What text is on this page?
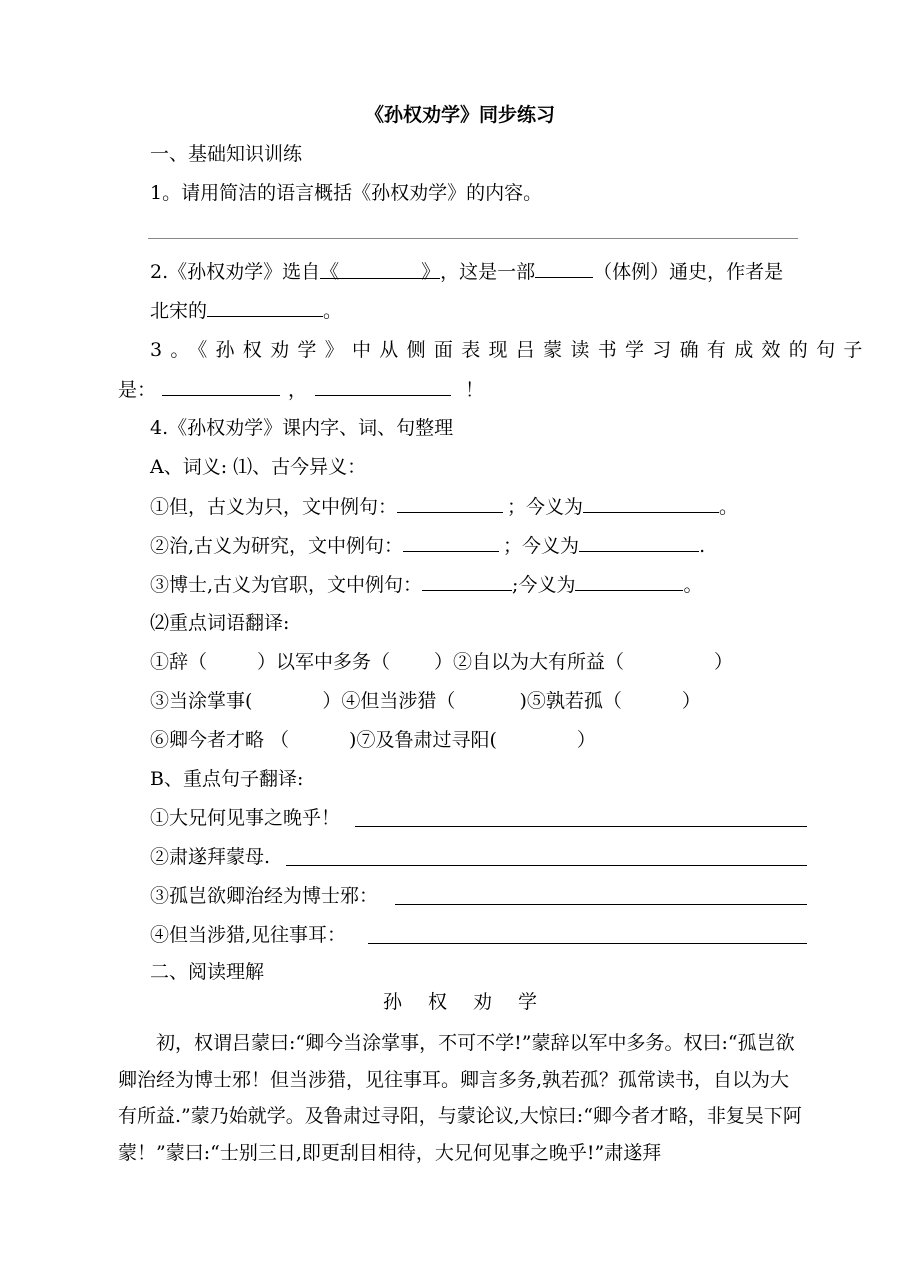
《孙权劝学》同步练习
一、基础知识训练
1。请用简洁的语言概括《孙权劝学》的内容。
2.《孙权劝学》选自《	》，这是一部	（体例）通史，作者是
北宋的	。
3。《孙权劝学》中从侧面表现吕蒙读书学习确有成效的句子
是：	，	！
4.《孙权劝学》课内字、词、句整理
A、词义: ⑴、古今异义：
①但，古义为只，文中例句：	；今义为	。
②治,古义为研究，文中例句：	；今义为	.
③博士,古义为官职，文中例句：	;今义为	。
⑵重点词语翻译:
①辞（	）以军中多务（ ）②自以为大有所益（	）
③当涂掌事(	）④但当涉猎（	)⑤孰若孤（	）
⑥卿今者才略 （	)⑦及鲁肃过寻阳(	）
B、重点句子翻译:
①大兄何见事之晚乎！
②肃遂拜蒙母.
③孤岂欲卿治经为博士邪：
④但当涉猎,见往事耳：
二、阅读理解
孙 权 劝 学
初，权谓吕蒙曰:“卿今当涂掌事，不可不学!”蒙辞以军中多务。权曰:“孤岂欲卿治经为博士邪！但当涉猎，见往事耳。卿言多务,孰若孤？孤常读书，自以为大有所益.”蒙乃始就学。及鲁肃过寻阳，与蒙论议,大惊曰:“卿今者才略，非复吴下阿蒙！”蒙曰:“士别三日,即更刮目相待，大兄何见事之晚乎!”肃遂拜
